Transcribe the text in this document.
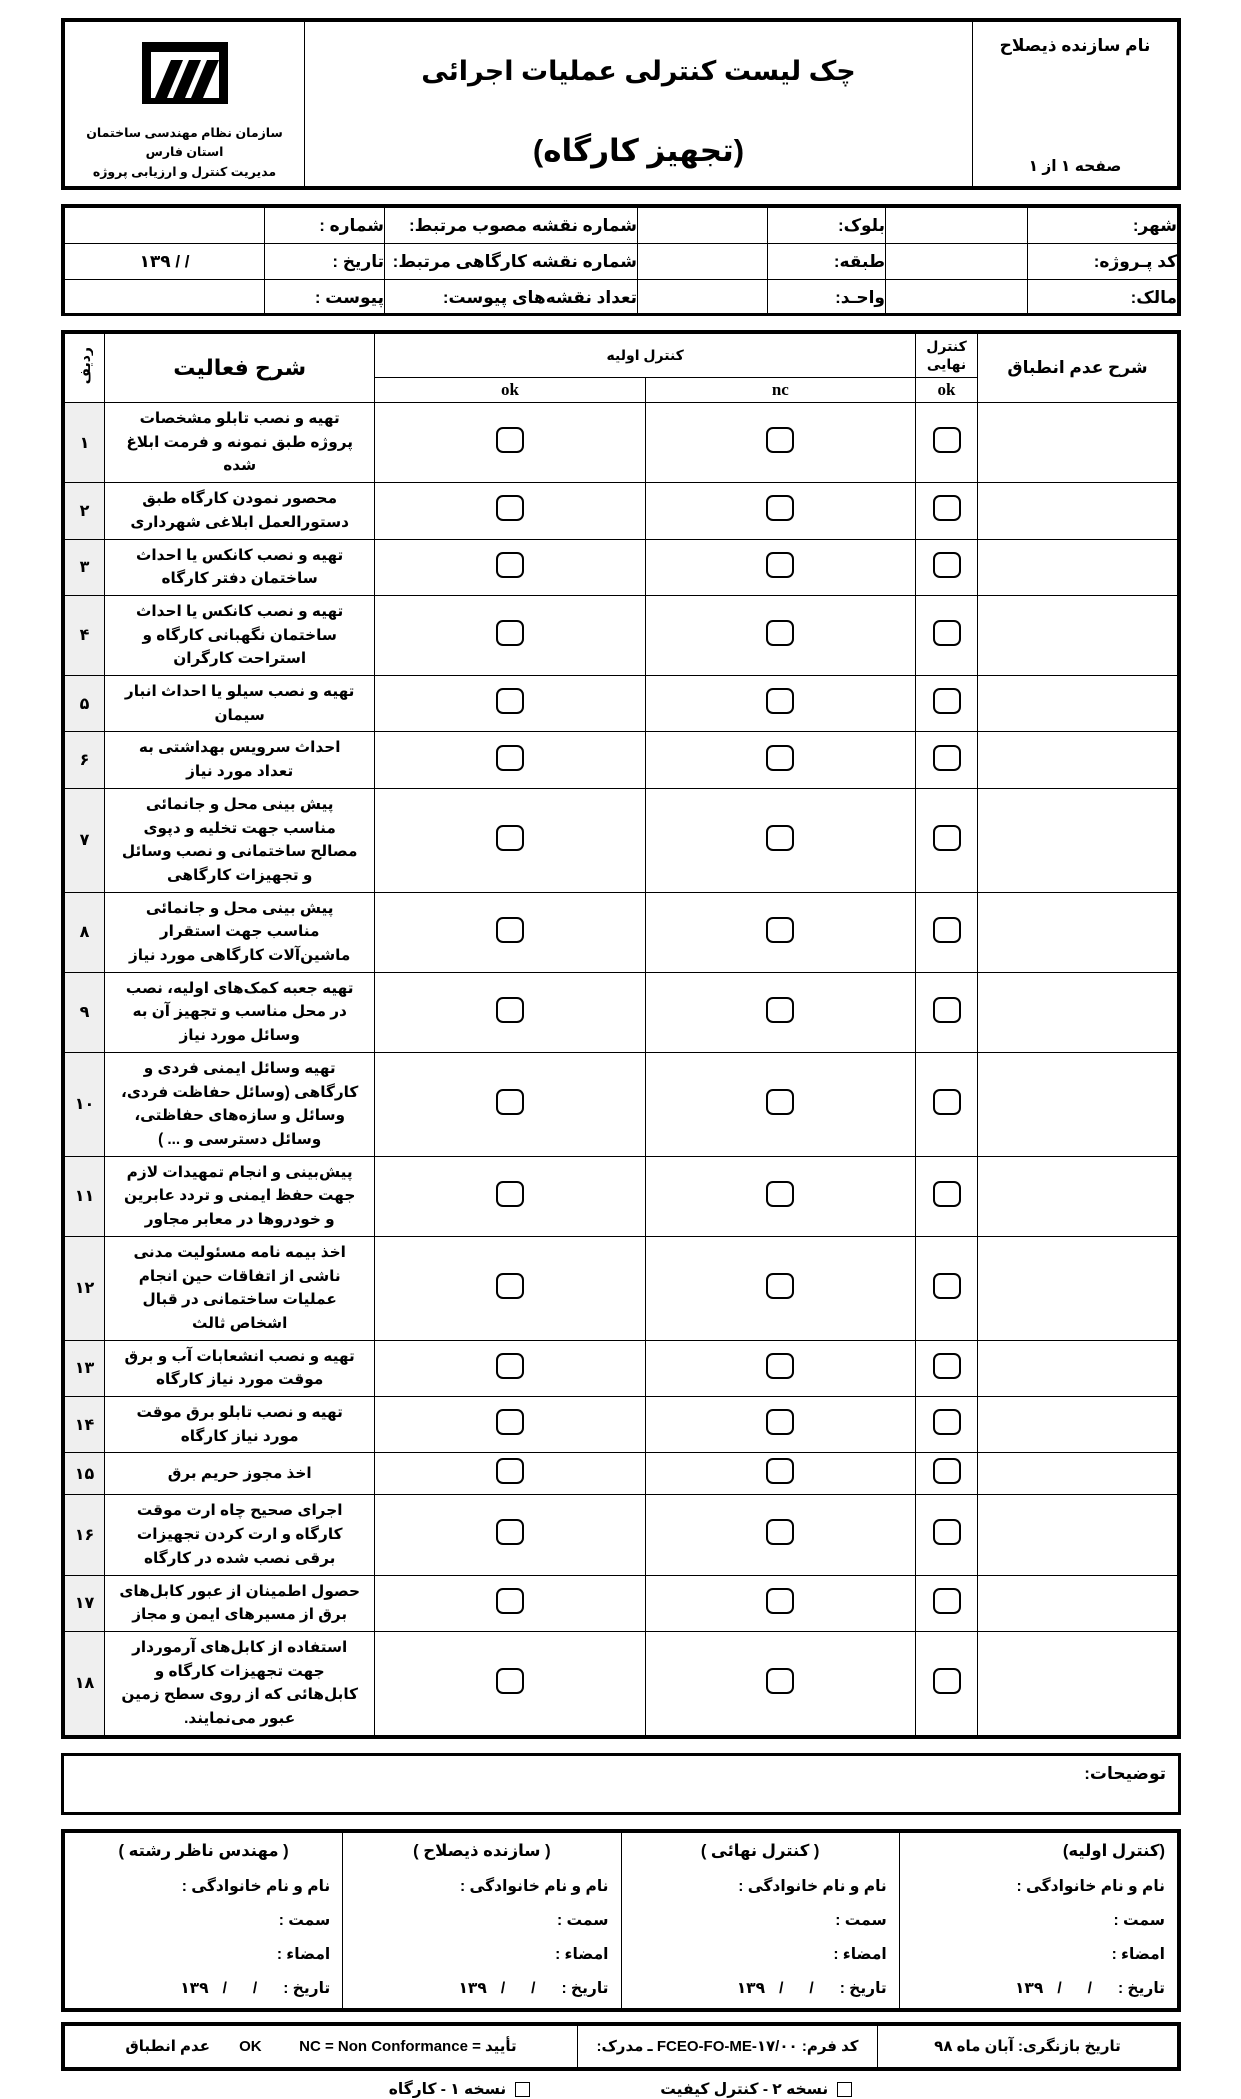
نام سازنده ذیصلاح
صفحه ۱ از ۱

چک لیست کنترلی عملیات اجرائی
(تجهیز کارگاه)

سازمان نظام مهندسی ساختمان
استان فارس
مدیریت کنترل و ارزیابی پروژه
شهر:		بلوک:		شماره نقشه مصوب مرتبط:	شماره :	
کد پـروژه:		طبقه:		شماره نقشه کارگاهی مرتبط:	تاریخ :	/ / ۱۳۹
مالک:		واحـد:		تعداد نقشه‌های پیوست:	پیوست :	
شرح عدم انطباق	کنترل نهایی	کنترل اولیه		شرح فعالیت	ردیف
	ok	nc	ok		
				تهیه و نصب تابلو مشخصات پروژه طبق نمونه و فرمت ابلاغ شده	۱
				محصور نمودن کارگاه طبق دستورالعمل ابلاغی شهرداری	۲
				تهیه و نصب کانکس یا احداث ساختمان دفتر کارگاه	۳
				تهیه و نصب کانکس یا احداث ساختمان نگهبانی کارگاه و استراحت کارگران	۴
				تهیه و نصب سیلو یا احداث انبار سیمان	۵
				احداث سرویس بهداشتی به تعداد مورد نیاز	۶
				پیش بینی محل و جانمائی مناسب جهت تخلیه و دپوی مصالح ساختمانی و نصب وسائل و تجهیزات کارگاهی	۷
				پیش بینی محل و جانمائی مناسب جهت استقرار ماشین‌آلات کارگاهی مورد نیاز	۸
				تهیه جعبه کمک‌های اولیه، نصب در محل مناسب و تجهیز آن به وسائل مورد نیاز	۹
				تهیه وسائل ایمنی فردی و کارگاهی (وسائل حفاظت فردی، وسائل و سازه‌های حفاظتی، وسائل دسترسی و ... )	۱۰
				پیش‌بینی و انجام تمهیدات لازم جهت حفظ ایمنی و تردد عابرین و خودروها در معابر مجاور	۱۱
				اخذ بیمه نامه مسئولیت مدنی ناشی از اتفاقات حین انجام عملیات ساختمانی در قبال اشخاص ثالث	۱۲
				تهیه و نصب انشعابات آب و برق موقت مورد نیاز کارگاه	۱۳
				تهیه و نصب تابلو برق موقت مورد نیاز کارگاه	۱۴
				اخذ مجوز حریم برق	۱۵
				اجرای صحیح چاه ارت موقت کارگاه و ارت کردن تجهیزات برقی نصب شده در کارگاه	۱۶
				حصول اطمینان از عبور کابل‌های برق از مسیرهای ایمن و مجاز	۱۷
				استفاده از کابل‌های آرموردار جهت تجهیزات کارگاه و کابل‌هائی که از روی سطح زمین عبور می‌نمایند.	۱۸
توضیحات:
(کنترل اولیه)
نام و نام خانوادگی :
سمت :
امضاء :
تاریخ ://۱۳۹

( کنترل نهائی )
نام و نام خانوادگی :
سمت :
امضاء :
تاریخ ://۱۳۹

( سازنده ذیصلاح )
نام و نام خانوادگی :
سمت :
امضاء :
تاریخ ://۱۳۹

( مهندس ناظر رشته )
نام و نام خانوادگی :
سمت :
امضاء :
تاریخ ://۱۳۹
تاریخ بازنگری: آبان ماه ۹۸	کد فرم: FCEO-FO-ME-۱۷/۰۰ ـ مدرک:	تأیید = OK         NC = Non Conformance       عدم انطباق
نسخه ۲ - کنترل کیفیت
نسخه ۱ - کارگاه
